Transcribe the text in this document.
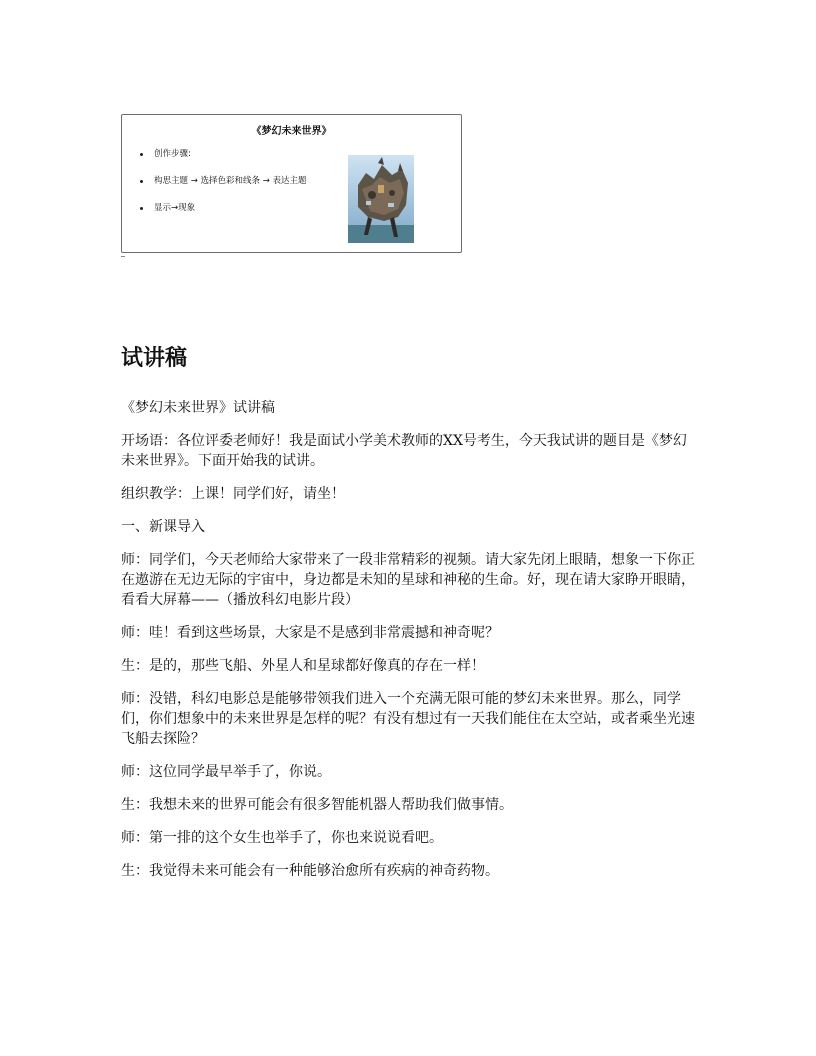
《梦幻未来世界》
创作步骤:
构思主题 → 选择色彩和线条 → 表达主题
显示→现象
试讲稿

《梦幻未来世界》试讲稿

开场语：各位评委老师好！我是面试小学美术教师的XX号考生，今天我试讲的题目是《梦幻未来世界》。下面开始我的试讲。

组织教学：上课！同学们好，请坐！

一、新课导入

师：同学们，今天老师给大家带来了一段非常精彩的视频。请大家先闭上眼睛，想象一下你正在遨游在无边无际的宇宙中，身边都是未知的星球和神秘的生命。好，现在请大家睁开眼睛，看看大屏幕——（播放科幻电影片段）

师：哇！看到这些场景，大家是不是感到非常震撼和神奇呢？

生：是的，那些飞船、外星人和星球都好像真的存在一样！

师：没错，科幻电影总是能够带领我们进入一个充满无限可能的梦幻未来世界。那么，同学们，你们想象中的未来世界是怎样的呢？有没有想过有一天我们能住在太空站，或者乘坐光速飞船去探险？

师：这位同学最早举手了，你说。

生：我想未来的世界可能会有很多智能机器人帮助我们做事情。

师：第一排的这个女生也举手了，你也来说说看吧。

生：我觉得未来可能会有一种能够治愈所有疾病的神奇药物。
